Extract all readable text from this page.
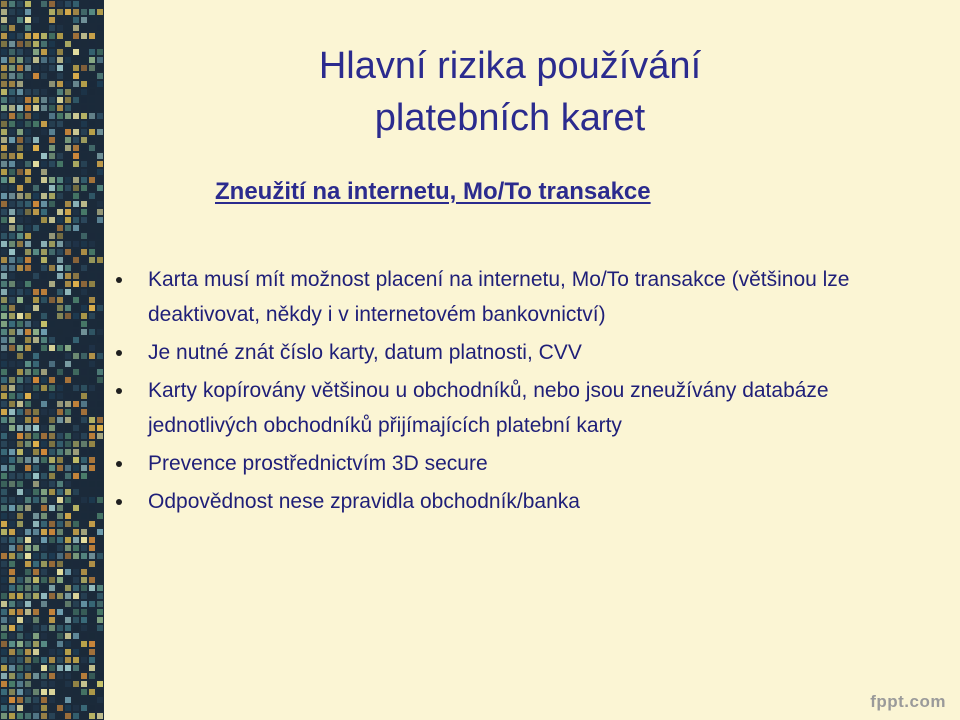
Hlavní rizika používání
platebních karet
Zneužití na internetu, Mo/To transakce
Karta musí mít možnost placení na internetu, Mo/To transakce (většinou lze deaktivovat, někdy i v internetovém bankovnictví)
Je nutné znát číslo karty, datum platnosti, CVV
Karty kopírovány většinou u obchodníků, nebo jsou zneužívány databáze jednotlivých obchodníků přijímajících platební karty
Prevence prostřednictvím 3D secure
Odpovědnost nese zpravidla obchodník/banka
fppt.com
